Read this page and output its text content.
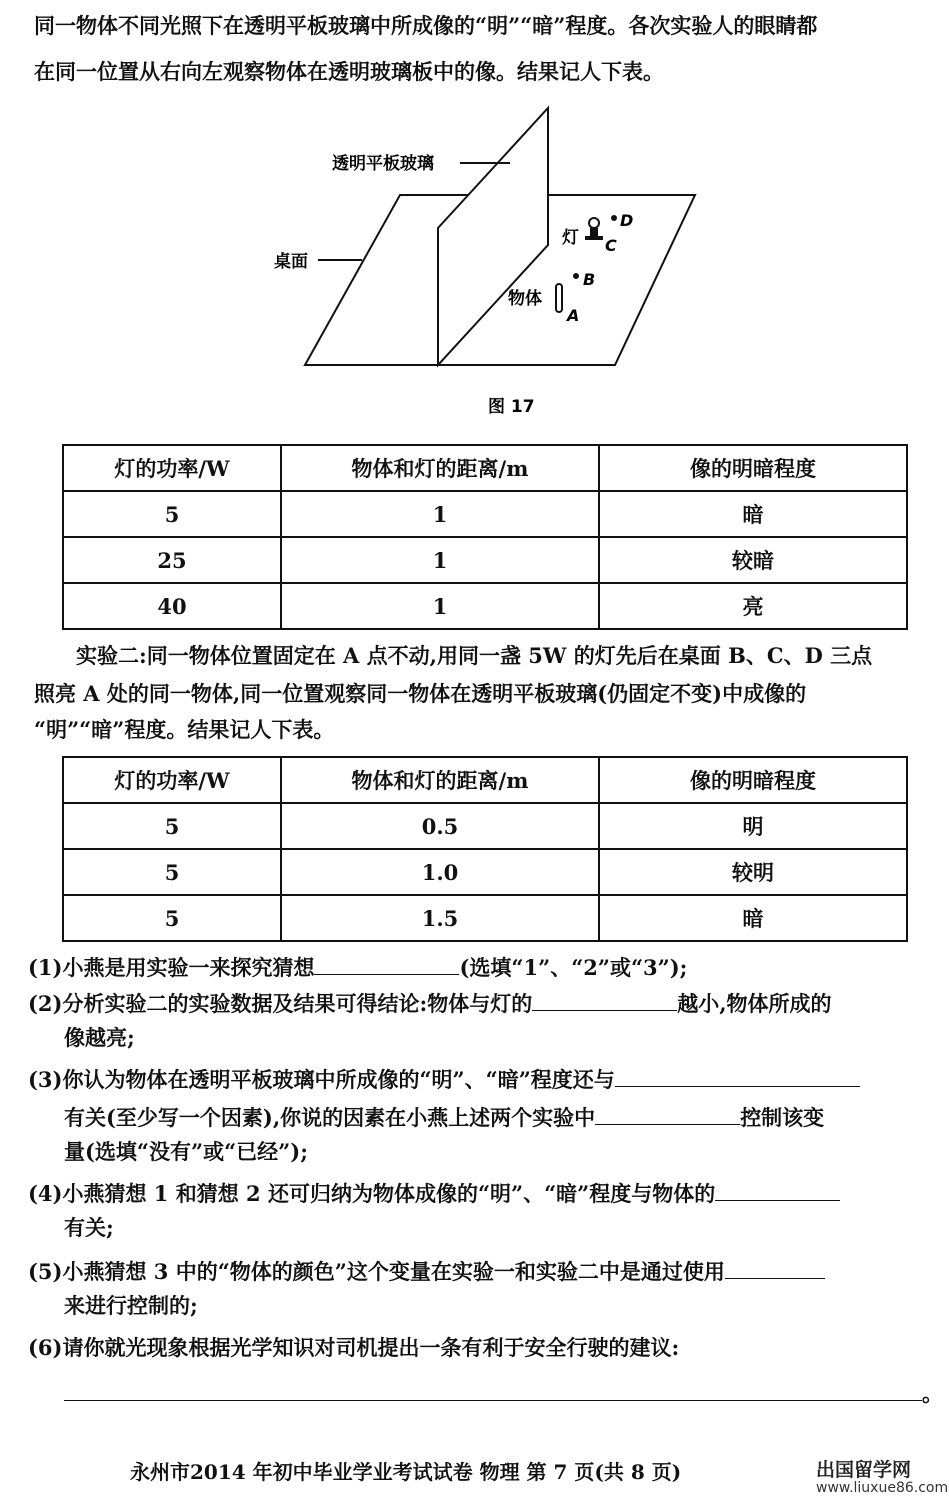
同一物体不同光照下在透明平板玻璃中所成像的“明”“暗”程度。各次实验人的眼睛都
在同一位置从右向左观察物体在透明玻璃板中的像。结果记人下表。
透明平板玻璃
桌面
灯
D
C
B
物体
A
图 17
灯的功率/W	物体和灯的距离/m	像的明暗程度
5	1	暗
25	1	较暗
40	1	亮
实验二:同一物体位置固定在 A 点不动,用同一盏 5W 的灯先后在桌面 B、C、D 三点
照亮 A 处的同一物体,同一位置观察同一物体在透明平板玻璃(仍固定不变)中成像的
“明”“暗”程度。结果记人下表。
灯的功率/W	物体和灯的距离/m	像的明暗程度
5	0.5	明
5	1.0	较明
5	1.5	暗
(1)小燕是用实验一来探究猜想	(选填“1”、“2”或“3”);
(2)分析实验二的实验数据及结果可得结论:物体与灯的	越小,物体所成的
像越亮;
(3)你认为物体在透明平板玻璃中所成像的“明”、“暗”程度还与
有关(至少写一个因素),你说的因素在小燕上述两个实验中	控制该变
量(选填“没有”或“已经”);
(4)小燕猜想 1 和猜想 2 还可归纳为物体成像的“明”、“暗”程度与物体的
有关;
(5)小燕猜想 3 中的“物体的颜色”这个变量在实验一和实验二中是通过使用
来进行控制的;
(6)请你就光现象根据光学知识对司机提出一条有利于安全行驶的建议:
。
永州市2014 年初中毕业学业考试试卷 物理 第 7 页(共 8 页)	出国留学网
www.liuxue86.com
